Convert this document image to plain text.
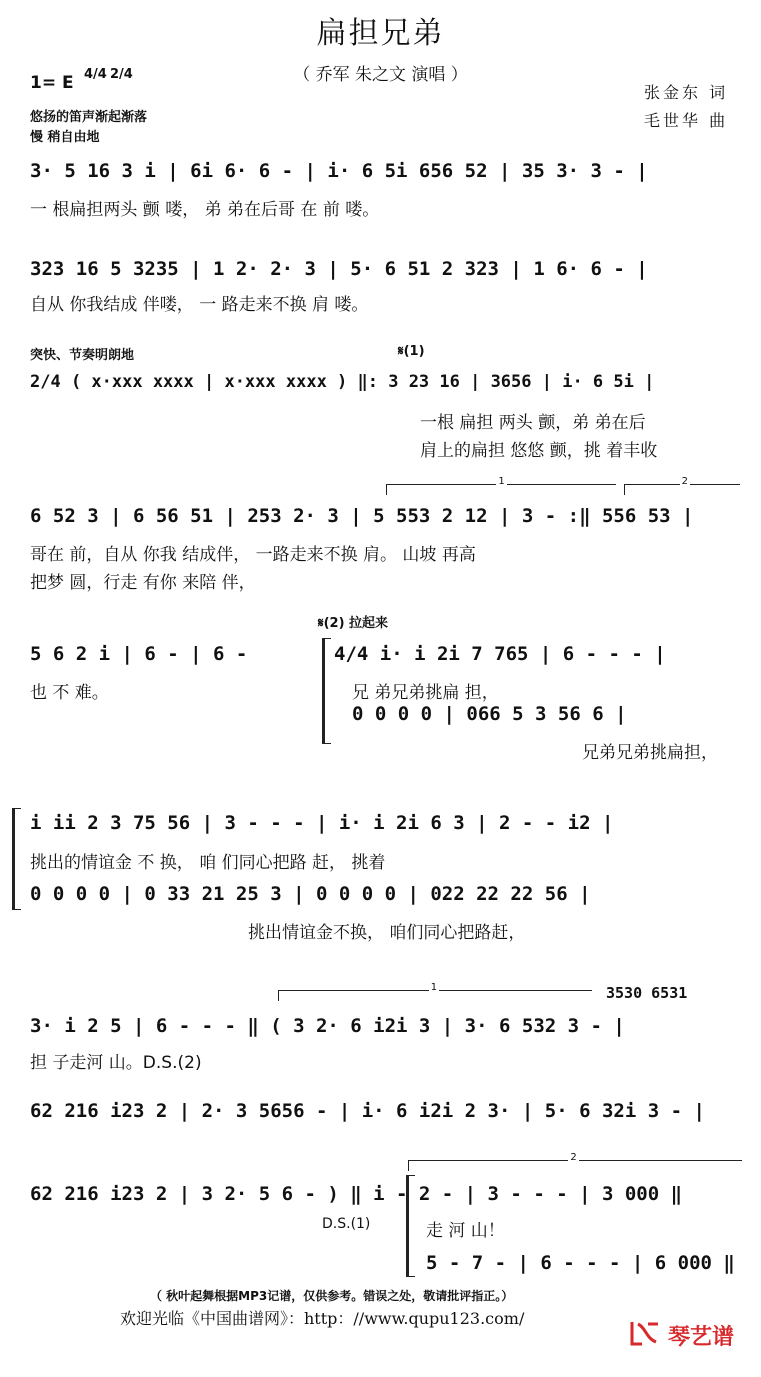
扁担兄弟
（ 乔军 朱之文 演唱 ）
张金东 词
毛世华 曲
1= E 4/4 2/4
悠扬的笛声渐起渐落
慢 稍自由地
3· 5 16 3 i | 6i 6· 6 - | i· 6 5i 656 52 | 35 3· 3 - |
一 根扁担两头 颤 喽， 弟 弟在后哥 在 前 喽。
323 16 5 3235 | 1 2· 2· 3 | 5· 6 51 2 323 | 1 6· 6 - |
自从 你我结成 伴喽， 一 路走来不换 肩 喽。
突快、节奏明朗地	𝄋(1)
2/4 ( x·xxx xxxx | x·xxx xxxx ) ‖: 3 23 16 | 3656 | i· 6 5i |
一根 扁担 两头 颤，弟 弟在后
肩上的扁担 悠悠 颤，挑 着丰收
1	2
6 52 3 | 6 56 51 | 253 2· 3 | 5 553 2 12 | 3 - :‖ 556 53 |
哥在 前，自从 你我 结成伴， 一路走来不换 肩。 山坡 再高
把梦 圆，行走 有你 来陪 伴，
𝄋(2) 拉起来
5 6 2 i | 6 - | 6 -
也 不 难。
4/4 i· i 2i 7 765 | 6 - - - |
兄 弟兄弟挑扁 担，
0 0 0 0 | 066 5 3 56 6 |
兄弟兄弟挑扁担，
i ii 2 3 75 56 | 3 - - - | i· i 2i 6 3 | 2 - - i2 |
挑出的情谊金 不 换， 咱 们同心把路 赶， 挑着
0 0 0 0 | 0 33 21 25 3 | 0 0 0 0 | 022 22 22 56 |
挑出情谊金不换， 咱们同心把路赶，
1	3530 6531
3· i 2 5 | 6 - - - ‖ ( 3 2· 6 i2i 3 | 3· 6 532 3 - |
担 子走河 山。D.S.(2)
62 216 i23 2 | 2· 3 5656 - | i· 6 i2i 2 3· | 5· 6 32i 3 - |
2
62 216 i23 2 | 3 2· 5 6 - ) ‖ i - 2 - | 3 - - - | 3 000 ‖
D.S.(1)	走 河 山！
5 - 7 - | 6 - - - | 6 000 ‖
（ 秋叶起舞根据MP3记谱，仅供参考。错误之处，敬请批评指正。）
欢迎光临《中国曲谱网》：http：//www.qupu123.com/
琴艺谱
